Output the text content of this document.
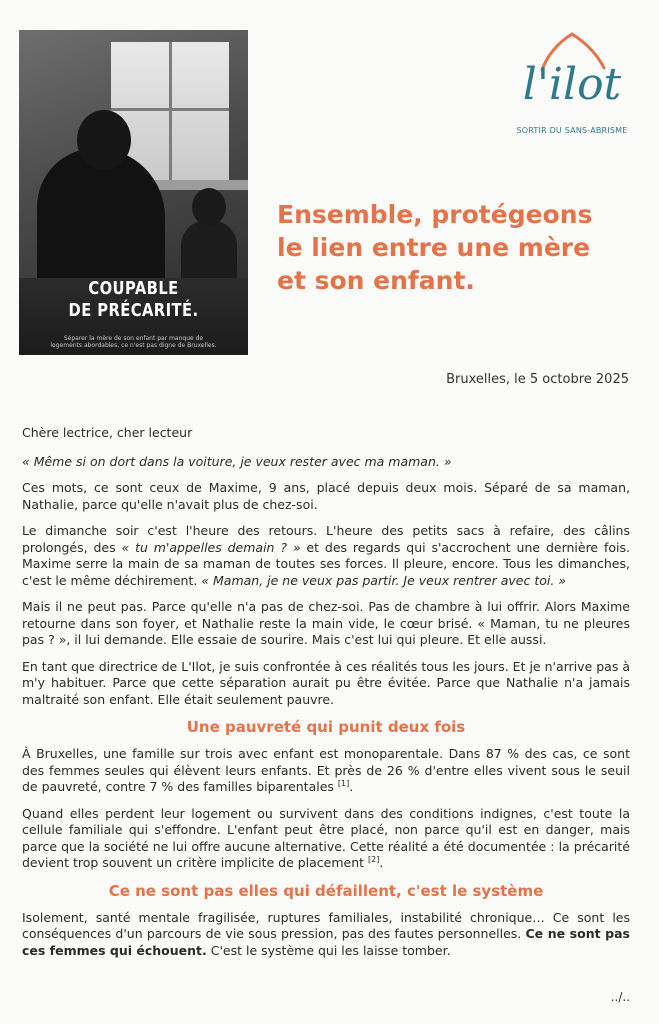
COUPABLE
DE PRÉCARITÉ.
Séparer la mère de son enfant par manque de logements abordables, ce n'est pas digne de Bruxelles.
l'ilot
SORTIR DU SANS-ABRISME
Ensemble, protégeons
le lien entre une mère
et son enfant.
Bruxelles, le 5 octobre 2025

Chère lectrice, cher lecteur

« Même si on dort dans la voiture, je veux rester avec ma maman. »

Ces mots, ce sont ceux de Maxime, 9 ans, placé depuis deux mois. Séparé de sa maman, Nathalie, parce qu'elle n'avait plus de chez-soi.

Le dimanche soir c'est l'heure des retours. L'heure des petits sacs à refaire, des câlins prolongés, des « tu m'appelles demain ? » et des regards qui s'accrochent une dernière fois. Maxime serre la main de sa maman de toutes ses forces. Il pleure, encore. Tous les dimanches, c'est le même déchirement. « Maman, je ne veux pas partir. Je veux rentrer avec toi. »

Mais il ne peut pas. Parce qu'elle n'a pas de chez-soi. Pas de chambre à lui offrir. Alors Maxime retourne dans son foyer, et Nathalie reste la main vide, le cœur brisé. « Maman, tu ne pleures pas ? », il lui demande. Elle essaie de sourire. Mais c'est lui qui pleure. Et elle aussi.

En tant que directrice de L'Ilot, je suis confrontée à ces réalités tous les jours. Et je n'arrive pas à m'y habituer. Parce que cette séparation aurait pu être évitée. Parce que Nathalie n'a jamais maltraité son enfant. Elle était seulement pauvre.

Une pauvreté qui punit deux fois

À Bruxelles, une famille sur trois avec enfant est monoparentale. Dans 87 % des cas, ce sont des femmes seules qui élèvent leurs enfants. Et près de 26 % d'entre elles vivent sous le seuil de pauvreté, contre 7 % des familles biparentales [1].

Quand elles perdent leur logement ou survivent dans des conditions indignes, c'est toute la cellule familiale qui s'effondre. L'enfant peut être placé, non parce qu'il est en danger, mais parce que la société ne lui offre aucune alternative. Cette réalité a été documentée : la précarité devient trop souvent un critère implicite de placement [2].

Ce ne sont pas elles qui défaillent, c'est le système

Isolement, santé mentale fragilisée, ruptures familiales, instabilité chronique… Ce sont les conséquences d'un parcours de vie sous pression, pas des fautes personnelles. Ce ne sont pas ces femmes qui échouent. C'est le système qui les laisse tomber.

../..
